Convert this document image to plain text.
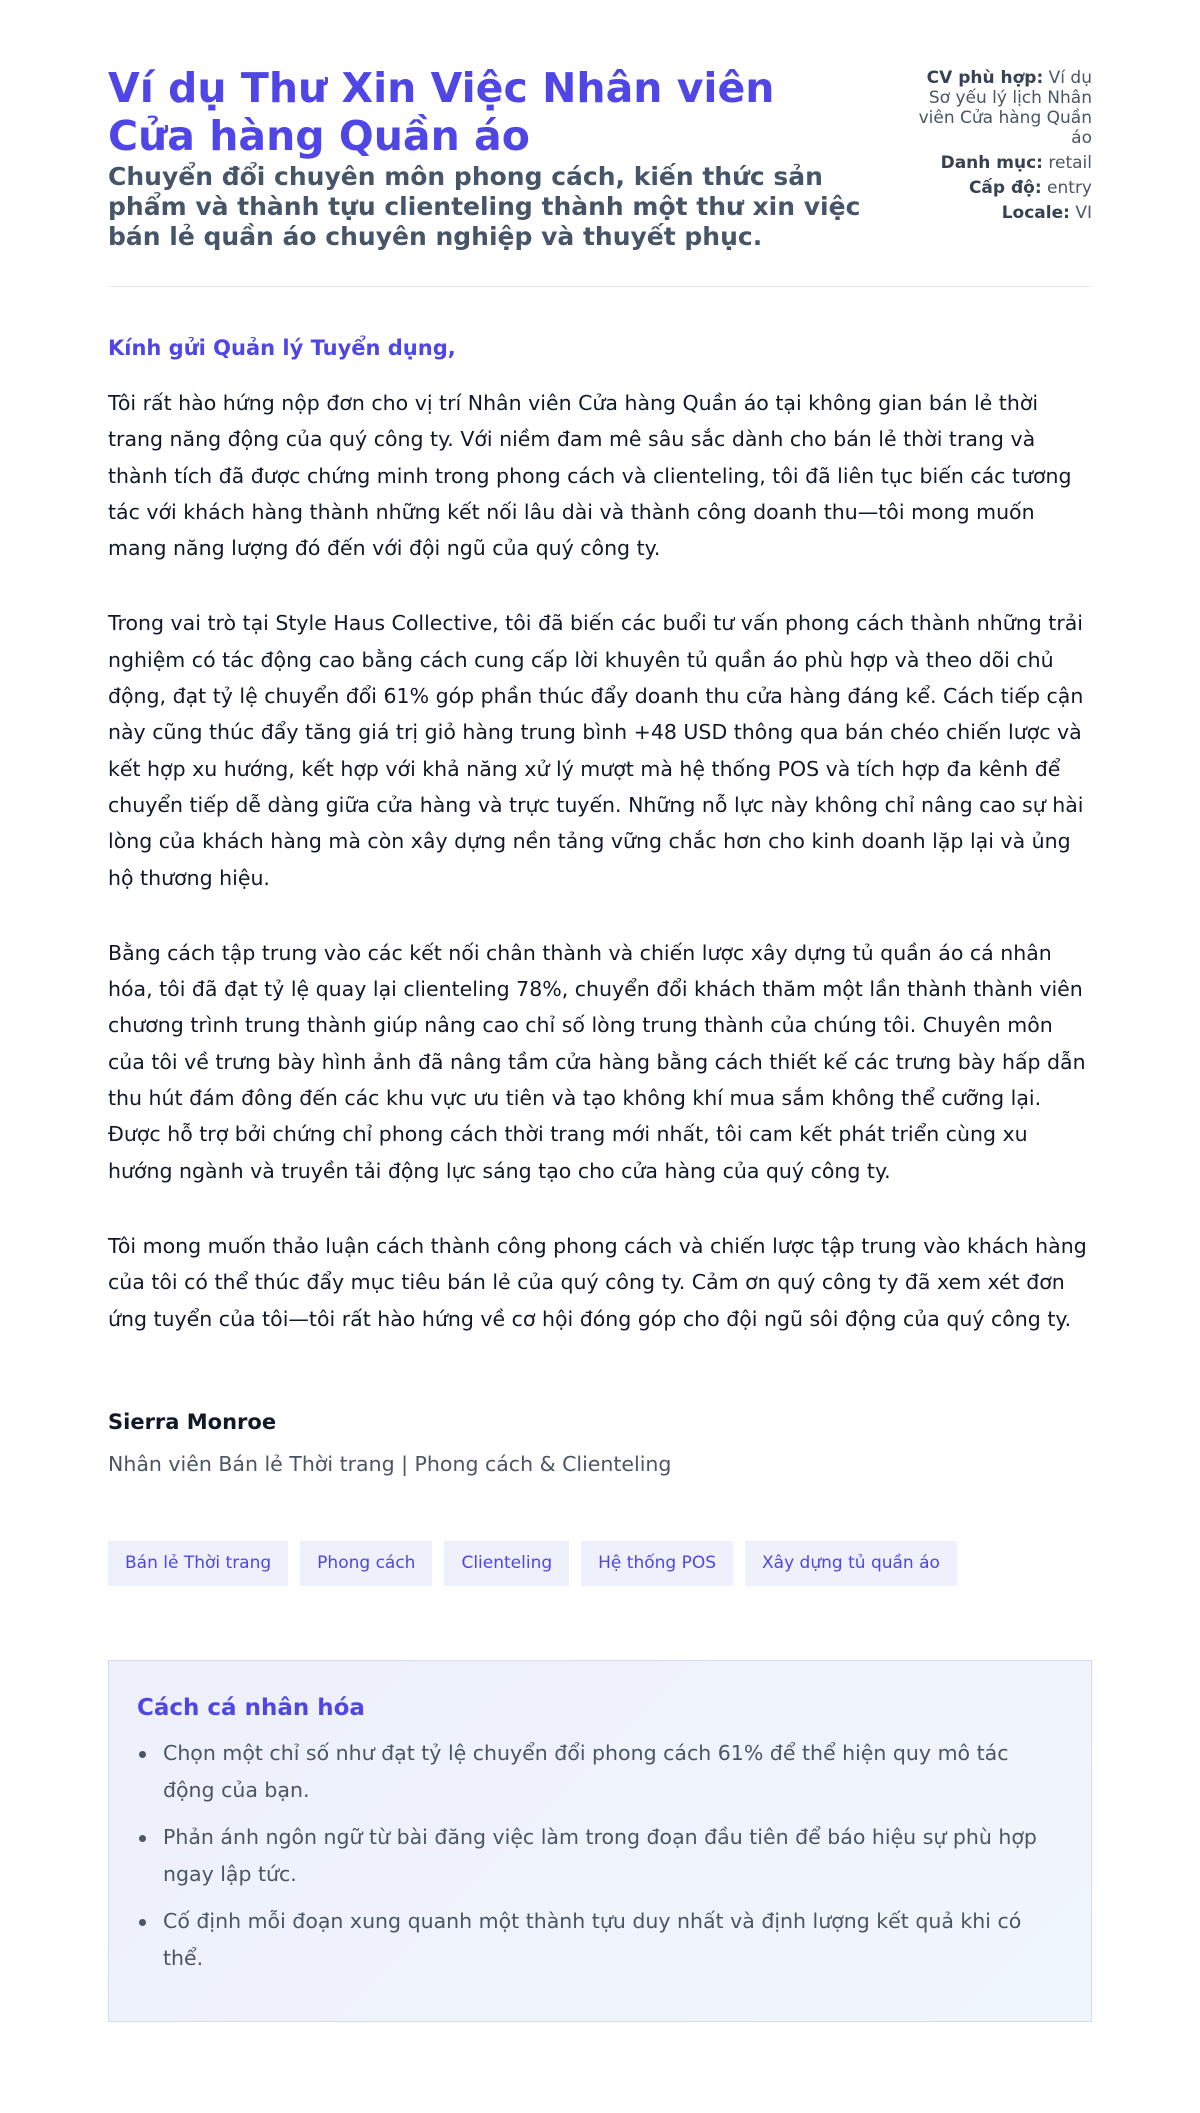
Ví dụ Thư Xin Việc Nhân viên Cửa hàng Quần áo
Chuyển đổi chuyên môn phong cách, kiến thức sản phẩm và thành tựu clienteling thành một thư xin việc bán lẻ quần áo chuyên nghiệp và thuyết phục.
CV phù hợp: Ví dụ Sơ yếu lý lịch Nhân viên Cửa hàng Quần áo
Danh mục: retail
Cấp độ: entry
Locale: VI

Kính gửi Quản lý Tuyển dụng,

Tôi rất hào hứng nộp đơn cho vị trí Nhân viên Cửa hàng Quần áo tại không gian bán lẻ thời trang năng động của quý công ty. Với niềm đam mê sâu sắc dành cho bán lẻ thời trang và thành tích đã được chứng minh trong phong cách và clienteling, tôi đã liên tục biến các tương tác với khách hàng thành những kết nối lâu dài và thành công doanh thu—tôi mong muốn mang năng lượng đó đến với đội ngũ của quý công ty.

Trong vai trò tại Style Haus Collective, tôi đã biến các buổi tư vấn phong cách thành những trải nghiệm có tác động cao bằng cách cung cấp lời khuyên tủ quần áo phù hợp và theo dõi chủ động, đạt tỷ lệ chuyển đổi 61% góp phần thúc đẩy doanh thu cửa hàng đáng kể. Cách tiếp cận này cũng thúc đẩy tăng giá trị giỏ hàng trung bình +48 USD thông qua bán chéo chiến lược và kết hợp xu hướng, kết hợp với khả năng xử lý mượt mà hệ thống POS và tích hợp đa kênh để chuyển tiếp dễ dàng giữa cửa hàng và trực tuyến. Những nỗ lực này không chỉ nâng cao sự hài lòng của khách hàng mà còn xây dựng nền tảng vững chắc hơn cho kinh doanh lặp lại và ủng hộ thương hiệu.

Bằng cách tập trung vào các kết nối chân thành và chiến lược xây dựng tủ quần áo cá nhân hóa, tôi đã đạt tỷ lệ quay lại clienteling 78%, chuyển đổi khách thăm một lần thành thành viên chương trình trung thành giúp nâng cao chỉ số lòng trung thành của chúng tôi. Chuyên môn của tôi về trưng bày hình ảnh đã nâng tầm cửa hàng bằng cách thiết kế các trưng bày hấp dẫn thu hút đám đông đến các khu vực ưu tiên và tạo không khí mua sắm không thể cưỡng lại. Được hỗ trợ bởi chứng chỉ phong cách thời trang mới nhất, tôi cam kết phát triển cùng xu hướng ngành và truyền tải động lực sáng tạo cho cửa hàng của quý công ty.

Tôi mong muốn thảo luận cách thành công phong cách và chiến lược tập trung vào khách hàng của tôi có thể thúc đẩy mục tiêu bán lẻ của quý công ty. Cảm ơn quý công ty đã xem xét đơn ứng tuyển của tôi—tôi rất hào hứng về cơ hội đóng góp cho đội ngũ sôi động của quý công ty.

Sierra Monroe
Nhân viên Bán lẻ Thời trang | Phong cách & Clienteling
Bán lẻ Thời trang	Phong cách	Clienteling	Hệ thống POS	Xây dựng tủ quần áo
Cách cá nhân hóa
Chọn một chỉ số như đạt tỷ lệ chuyển đổi phong cách 61% để thể hiện quy mô tác động của bạn.
Phản ánh ngôn ngữ từ bài đăng việc làm trong đoạn đầu tiên để báo hiệu sự phù hợp ngay lập tức.
Cố định mỗi đoạn xung quanh một thành tựu duy nhất và định lượng kết quả khi có thể.
